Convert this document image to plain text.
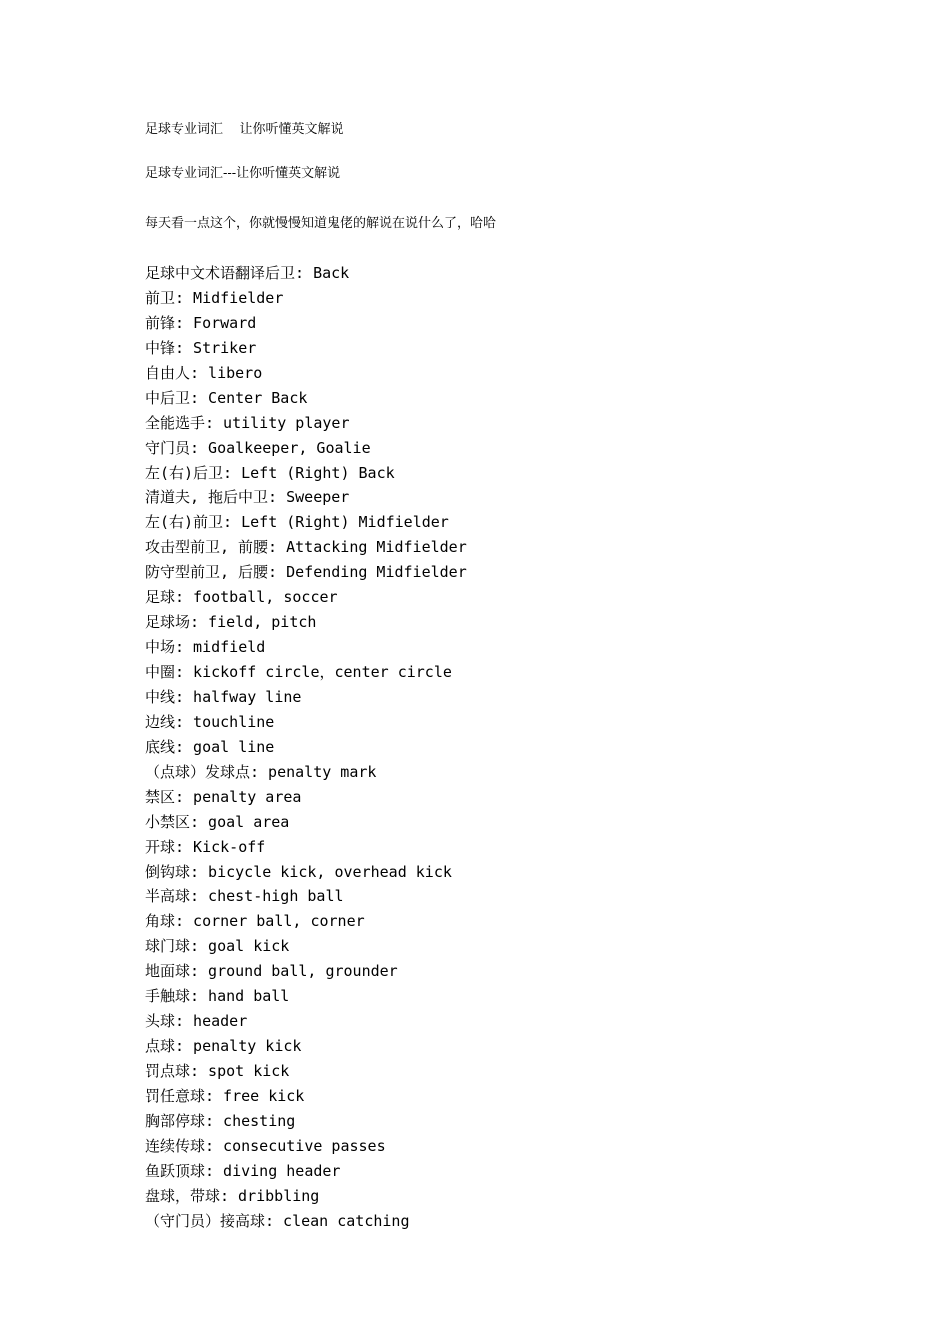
足球专业词汇    让你听懂英文解说
足球专业词汇---让你听懂英文解说
每天看一点这个，你就慢慢知道鬼佬的解说在说什么了，哈哈
足球中文术语翻译后卫: Back
前卫: Midfielder
前锋: Forward
中锋: Striker
自由人: libero
中后卫: Center Back
全能选手: utility player
守门员: Goalkeeper, Goalie
左(右)后卫: Left (Right) Back
清道夫, 拖后中卫: Sweeper
左(右)前卫: Left (Right) Midfielder
攻击型前卫, 前腰: Attacking Midfielder
防守型前卫, 后腰: Defending Midfielder
足球: football, soccer
足球场: field, pitch
中场: midfield
中圈: kickoff circle，center circle
中线: halfway line
边线: touchline
底线: goal line
（点球）发球点: penalty mark
禁区: penalty area
小禁区: goal area
开球: Kick-off
倒钩球: bicycle kick, overhead kick
半高球: chest-high ball
角球: corner ball, corner
球门球: goal kick
地面球: ground ball, grounder
手触球: hand ball
头球: header
点球: penalty kick
罚点球: spot kick
罚任意球: free kick
胸部停球: chesting
连续传球: consecutive passes
鱼跃顶球: diving header
盘球，带球: dribbling
（守门员）接高球: clean catching
